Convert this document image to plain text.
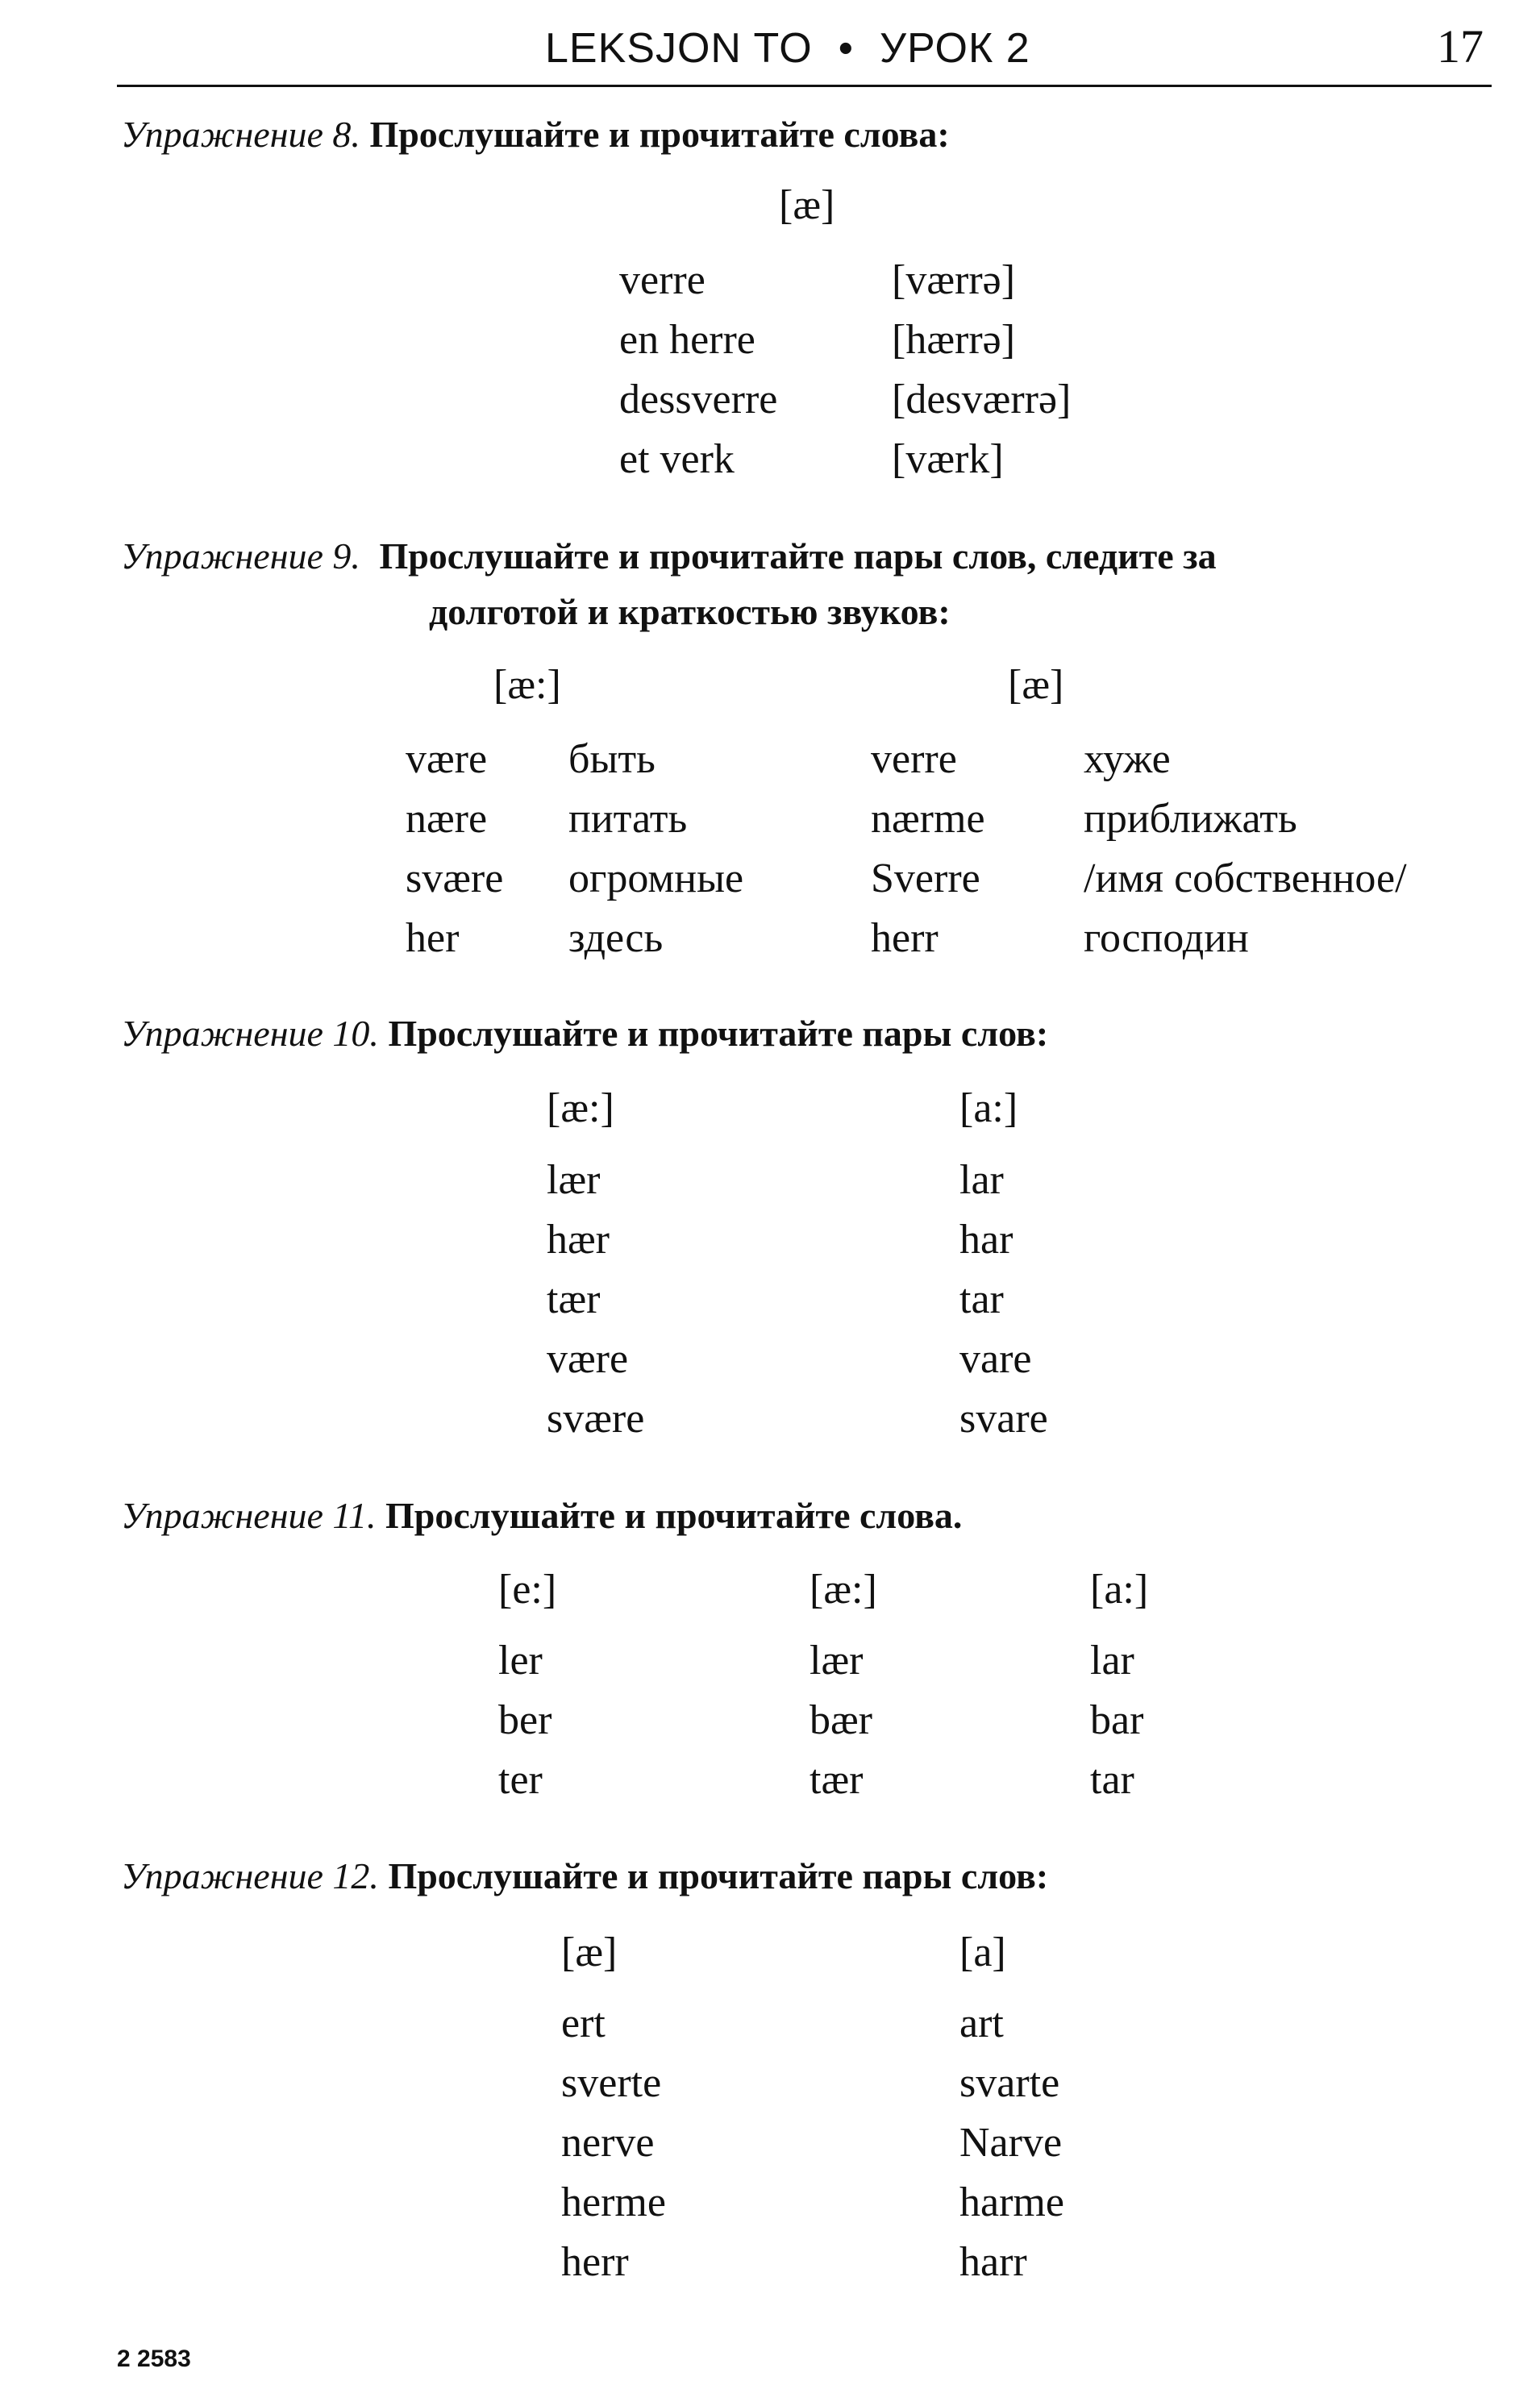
LEKSJON TO • УРОК 2	17
Упражнение 8. Прослушайте и прочитайте слова:
[æ]
verre	[værrə]
en herre	[hærrə]
dessverre	[desværrə]
et verk	[værk]
Упражнение 9. Прослушайте и прочитайте пары слов, следите за
долготой и краткостью звуков:
[æ:]	[æ]
være быть	verre	хуже
nære питать	nærme приближать
svære огромные	Sverre /имя собственное/
her	здесь	herr	господин
Упражнение 10. Прослушайте и прочитайте пары слов:
[æ:]	[a:]
lær	lar
hær	har
tær	tar
være	vare
svære	svare
Упражнение 11. Прослушайте и прочитайте слова.
[e:]	[æ:]	[a:]
ler	lær	lar
ber	bær	bar
ter	tær	tar
Упражнение 12. Прослушайте и прочитайте пары слов:
[æ]	[a]
ert	art
sverte	svarte
nerve	Narve
herme	harme
herr	harr
2 2583
